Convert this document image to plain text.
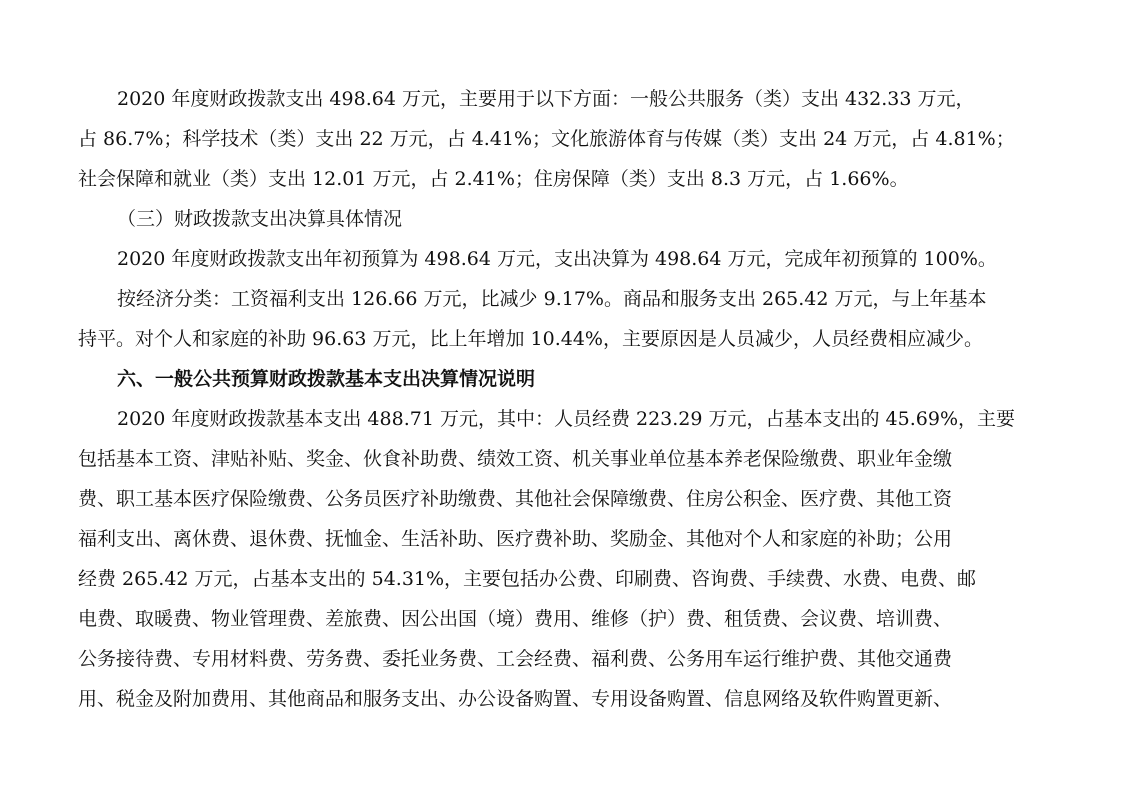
2020 年度财政拨款支出 498.64 万元，主要用于以下方面：一般公共服务（类）支出 432.33 万元，
占 86.7%；科学技术（类）支出 22 万元，占 4.41%；文化旅游体育与传媒（类）支出 24 万元，占 4.81%；
社会保障和就业（类）支出 12.01 万元，占 2.41%；住房保障（类）支出 8.3 万元，占 1.66%。
（三）财政拨款支出决算具体情况
2020 年度财政拨款支出年初预算为 498.64 万元，支出决算为 498.64 万元，完成年初预算的 100%。
按经济分类：工资福利支出 126.66 万元，比减少 9.17%。商品和服务支出 265.42 万元，与上年基本
持平。对个人和家庭的补助 96.63 万元，比上年增加 10.44%，主要原因是人员减少，人员经费相应减少。
六、一般公共预算财政拨款基本支出决算情况说明
2020 年度财政拨款基本支出 488.71 万元，其中：人员经费 223.29 万元，占基本支出的 45.69%，主要
包括基本工资、津贴补贴、奖金、伙食补助费、绩效工资、机关事业单位基本养老保险缴费、职业年金缴
费、职工基本医疗保险缴费、公务员医疗补助缴费、其他社会保障缴费、住房公积金、医疗费、其他工资
福利支出、离休费、退休费、抚恤金、生活补助、医疗费补助、奖励金、其他对个人和家庭的补助；公用
经费 265.42 万元，占基本支出的 54.31%，主要包括办公费、印刷费、咨询费、手续费、水费、电费、邮
电费、取暖费、物业管理费、差旅费、因公出国（境）费用、维修（护）费、租赁费、会议费、培训费、
公务接待费、专用材料费、劳务费、委托业务费、工会经费、福利费、公务用车运行维护费、其他交通费
用、税金及附加费用、其他商品和服务支出、办公设备购置、专用设备购置、信息网络及软件购置更新、
